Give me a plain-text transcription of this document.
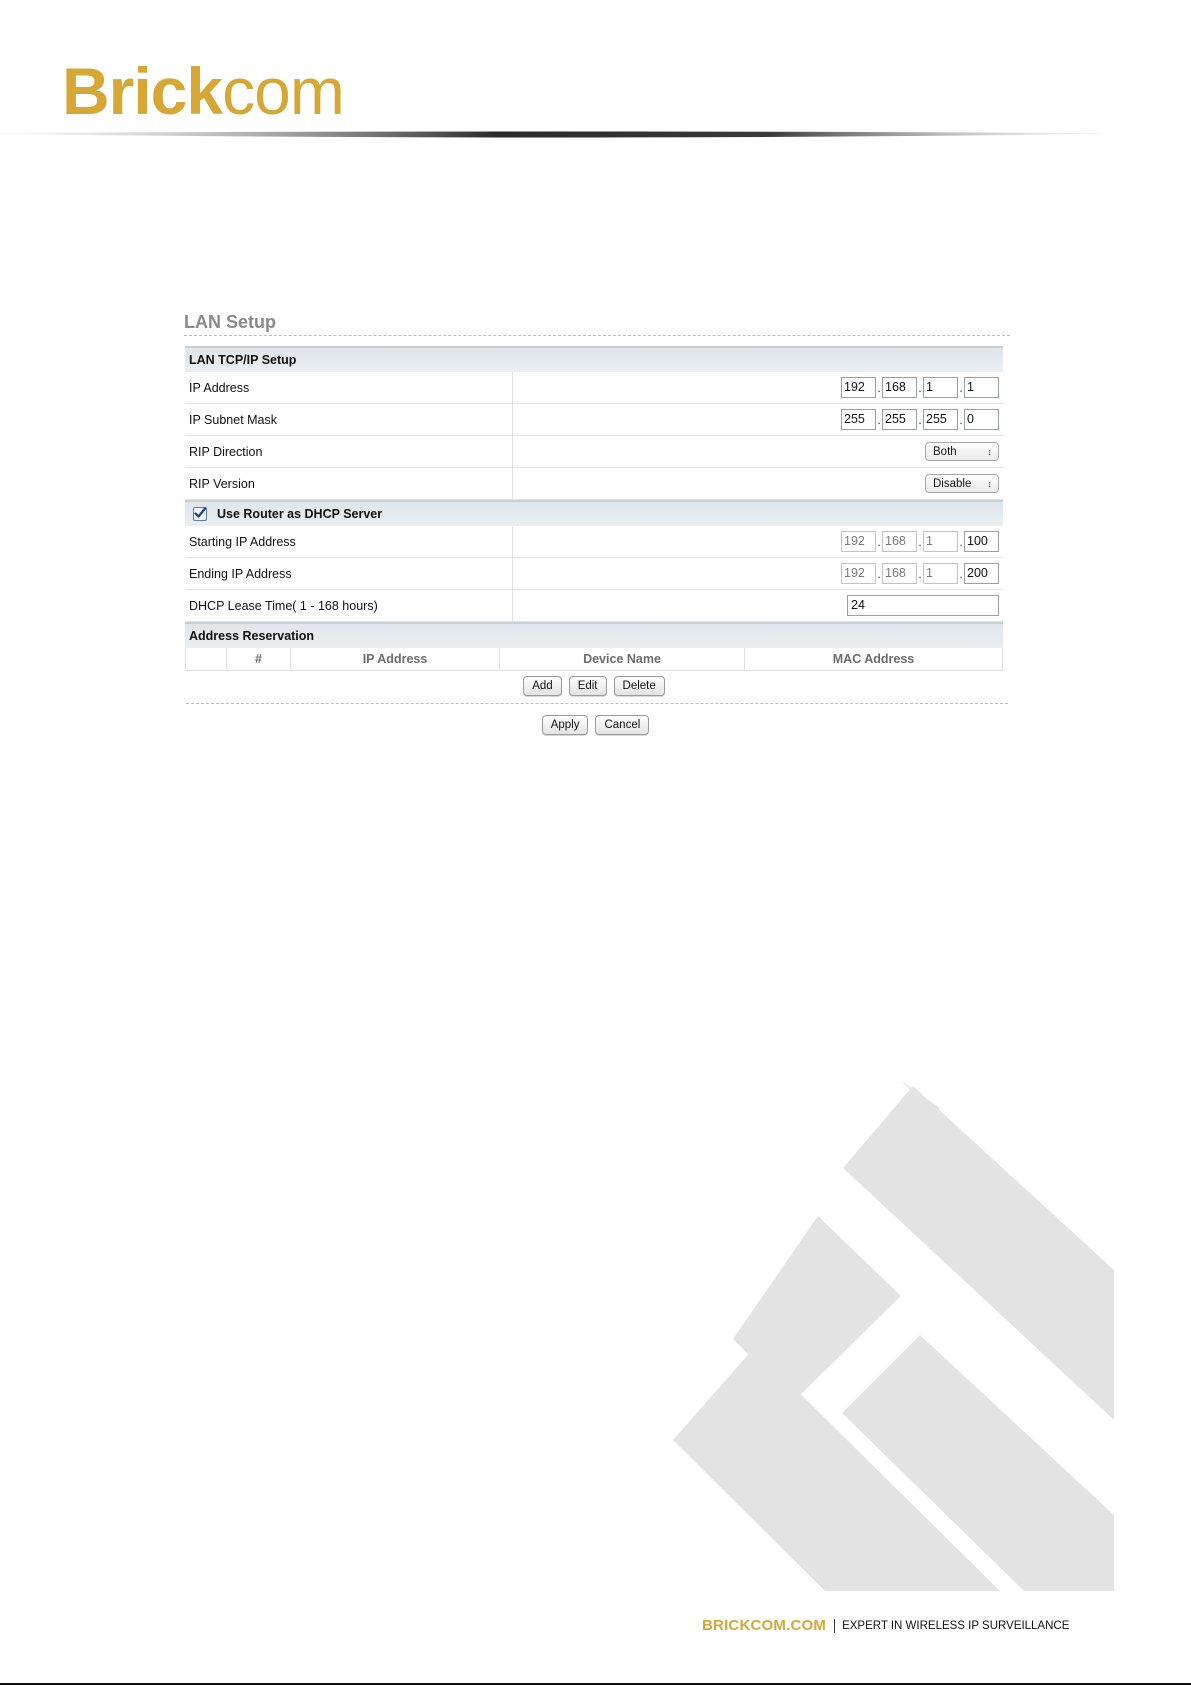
Brickcom
LAN Setup
LAN TCP/IP Setup
IP Address	192	. 168	. 1	. 1
IP Subnet Mask	255	. 255	. 255	. 0
RIP Direction	Both	↕
RIP Version	Disable ↕
Use Router as DHCP Server
Starting IP Address	192	. 168	. 1	. 100
Ending IP Address	192	. 168	. 1	. 200
DHCP Lease Time( 1 - 168 hours)	24
Address Reservation
#	IP Address	Device Name	MAC Address
Add	Edit	Delete
Apply	Cancel
BRICKCOM.COM EXPERT IN WIRELESS IP SURVEILLANCE
